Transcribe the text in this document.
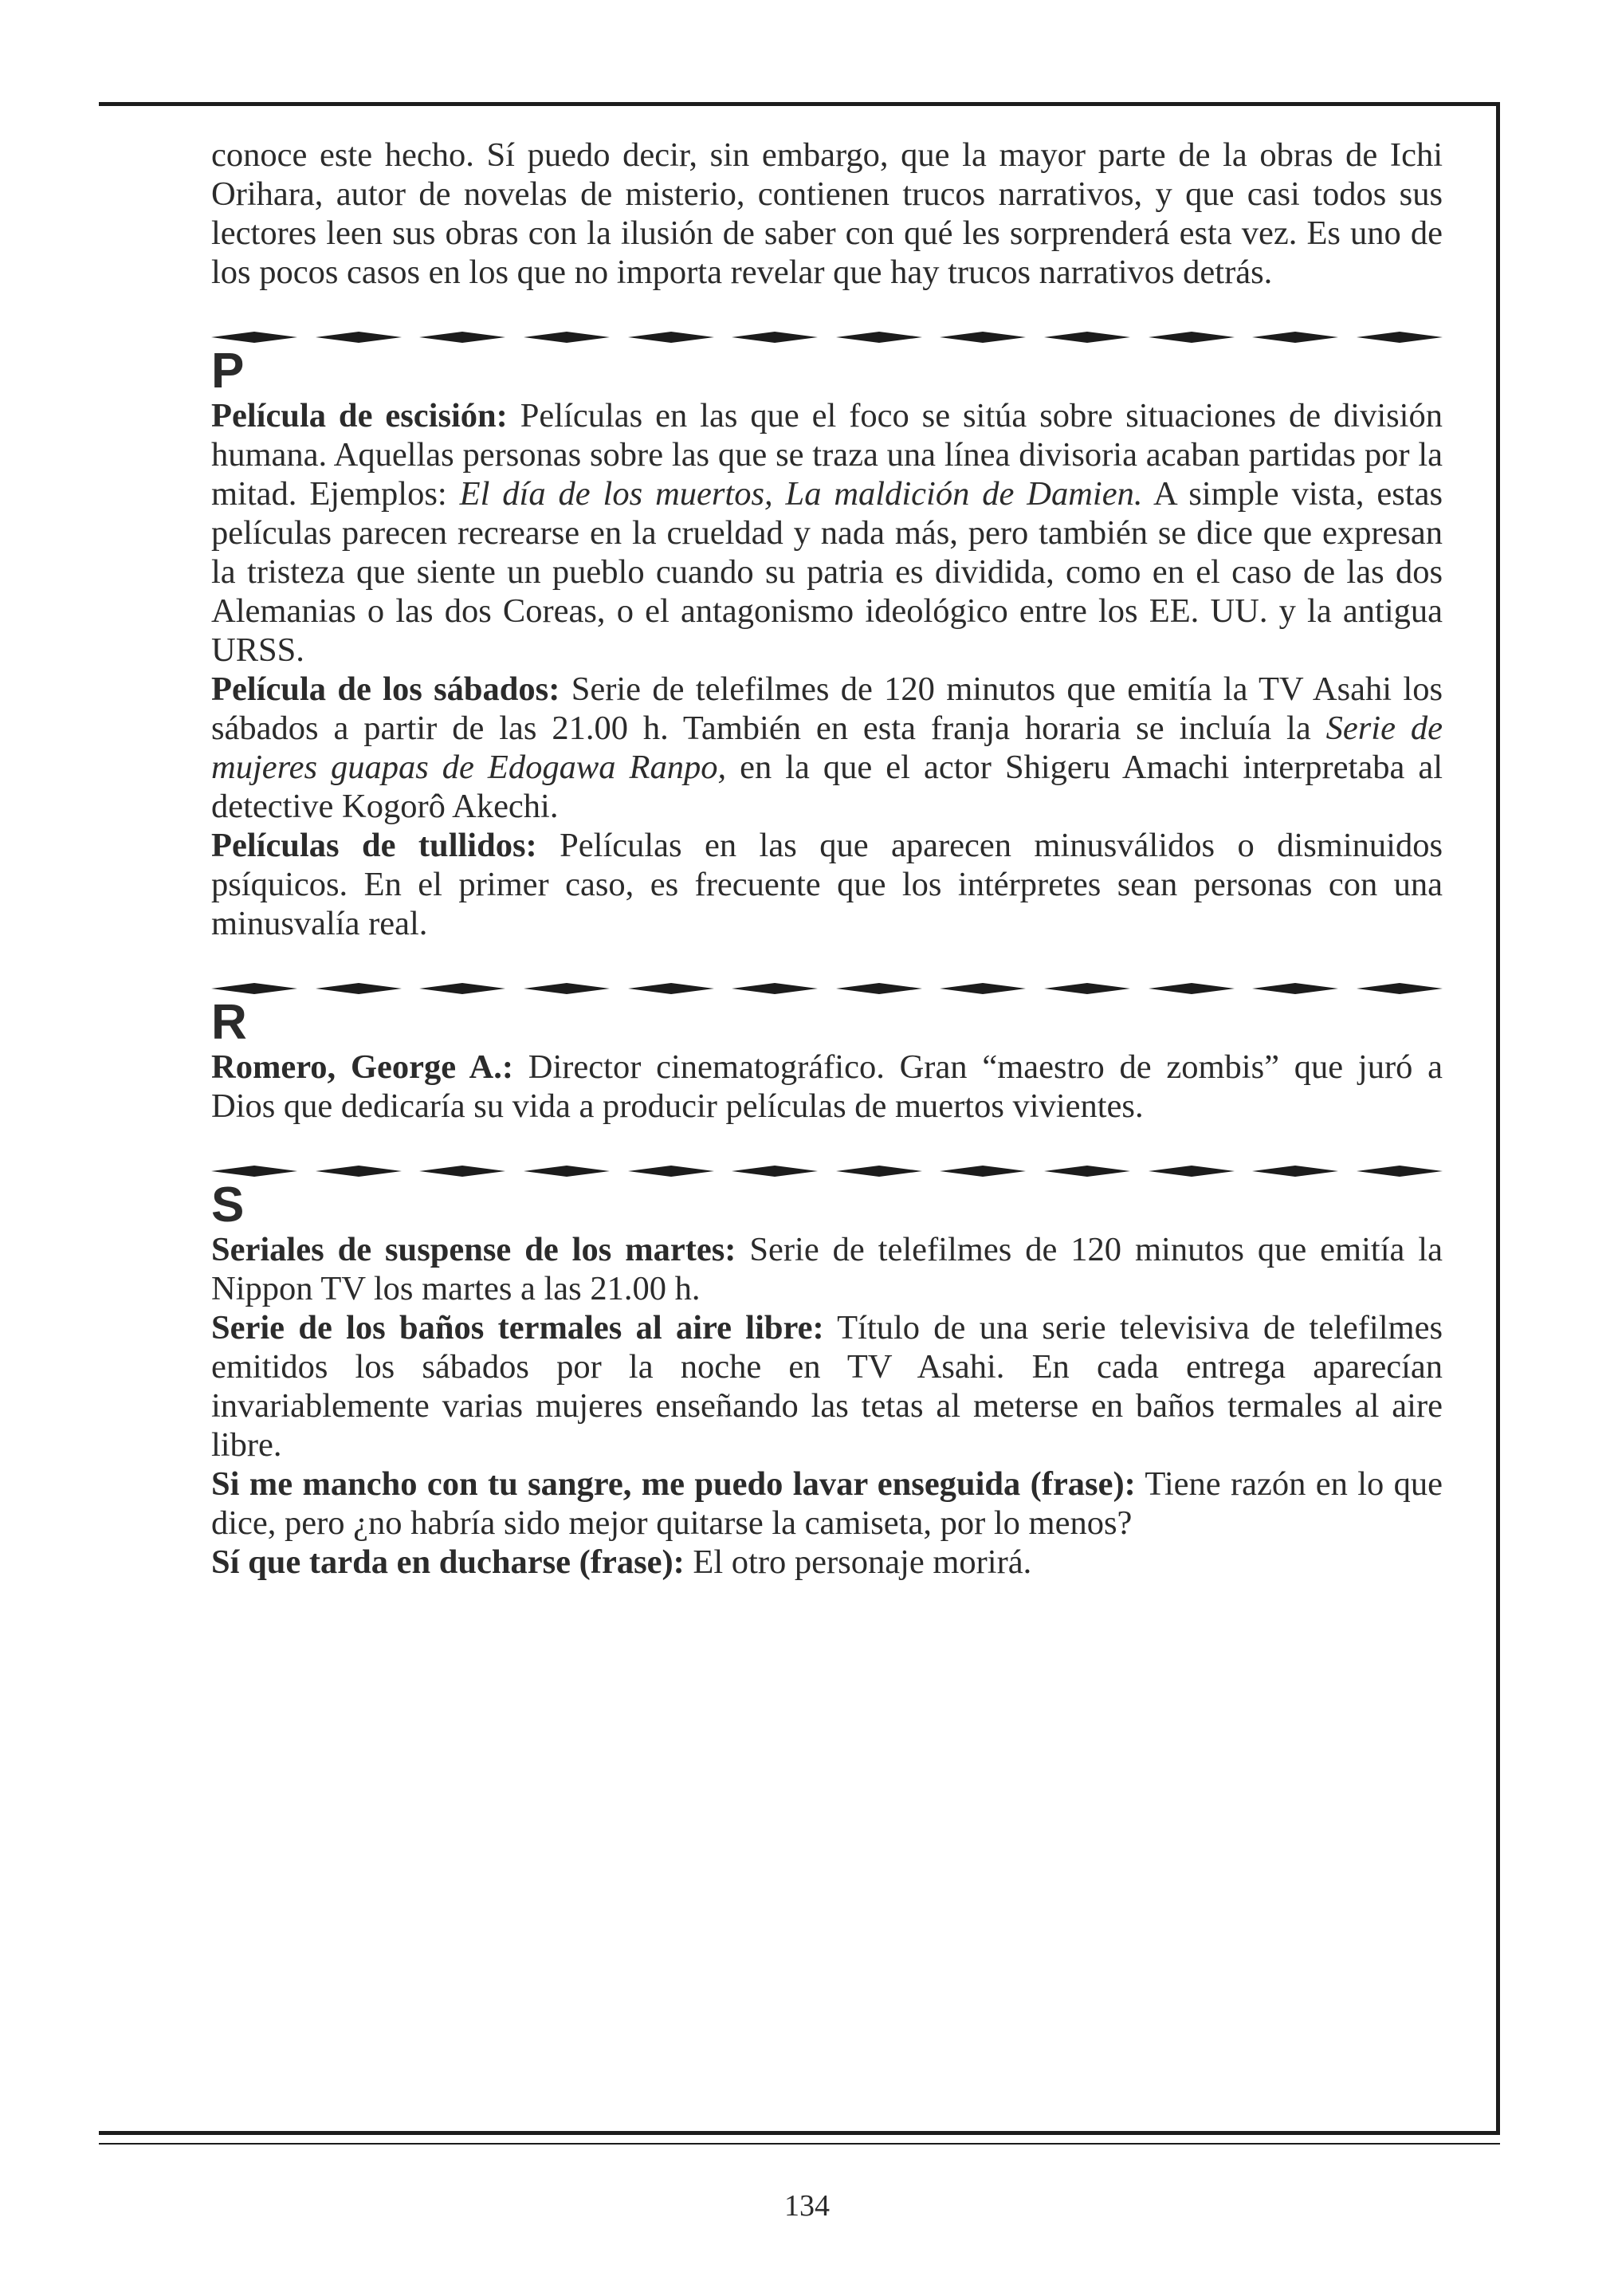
conoce este hecho. Sí puedo decir, sin embargo, que la mayor parte de la obras de Ichi Orihara, autor de novelas de misterio, contienen trucos narrativos, y que casi todos sus lectores leen sus obras con la ilusión de saber con qué les sorprenderá esta vez. Es uno de los pocos casos en los que no importa revelar que hay trucos narrativos detrás.

P

Película de escisión: Películas en las que el foco se sitúa sobre situaciones de división humana. Aquellas personas sobre las que se traza una línea divisoria acaban partidas por la mitad. Ejemplos: El día de los muertos, La maldición de Damien. A simple vista, estas películas parecen recrearse en la crueldad y nada más, pero también se dice que expresan la tristeza que siente un pueblo cuando su patria es dividida, como en el caso de las dos Alemanias o las dos Coreas, o el antagonismo ideológico entre los EE. UU. y la antigua URSS.

Película de los sábados: Serie de telefilmes de 120 minutos que emitía la TV Asahi los sábados a partir de las 21.00 h. También en esta franja horaria se incluía la Serie de mujeres guapas de Edogawa Ranpo, en la que el actor Shigeru Amachi interpretaba al detective Kogorô Akechi.

Películas de tullidos: Películas en las que aparecen minusválidos o disminuidos psíquicos. En el primer caso, es frecuente que los intérpretes sean personas con una minusvalía real.

R

Romero, George A.: Director cinematográfico. Gran “maestro de zombis” que juró a Dios que dedicaría su vida a producir películas de muertos vivientes.

S

Seriales de suspense de los martes: Serie de telefilmes de 120 minutos que emitía la Nippon TV los martes a las 21.00 h.

Serie de los baños termales al aire libre: Título de una serie televisiva de telefilmes emitidos los sábados por la noche en TV Asahi. En cada entrega aparecían invariablemente varias mujeres enseñando las tetas al meterse en baños termales al aire libre.

Si me mancho con tu sangre, me puedo lavar enseguida (frase): Tiene razón en lo que dice, pero ¿no habría sido mejor quitarse la camiseta, por lo menos?

Sí que tarda en ducharse (frase): El otro personaje morirá.

134
